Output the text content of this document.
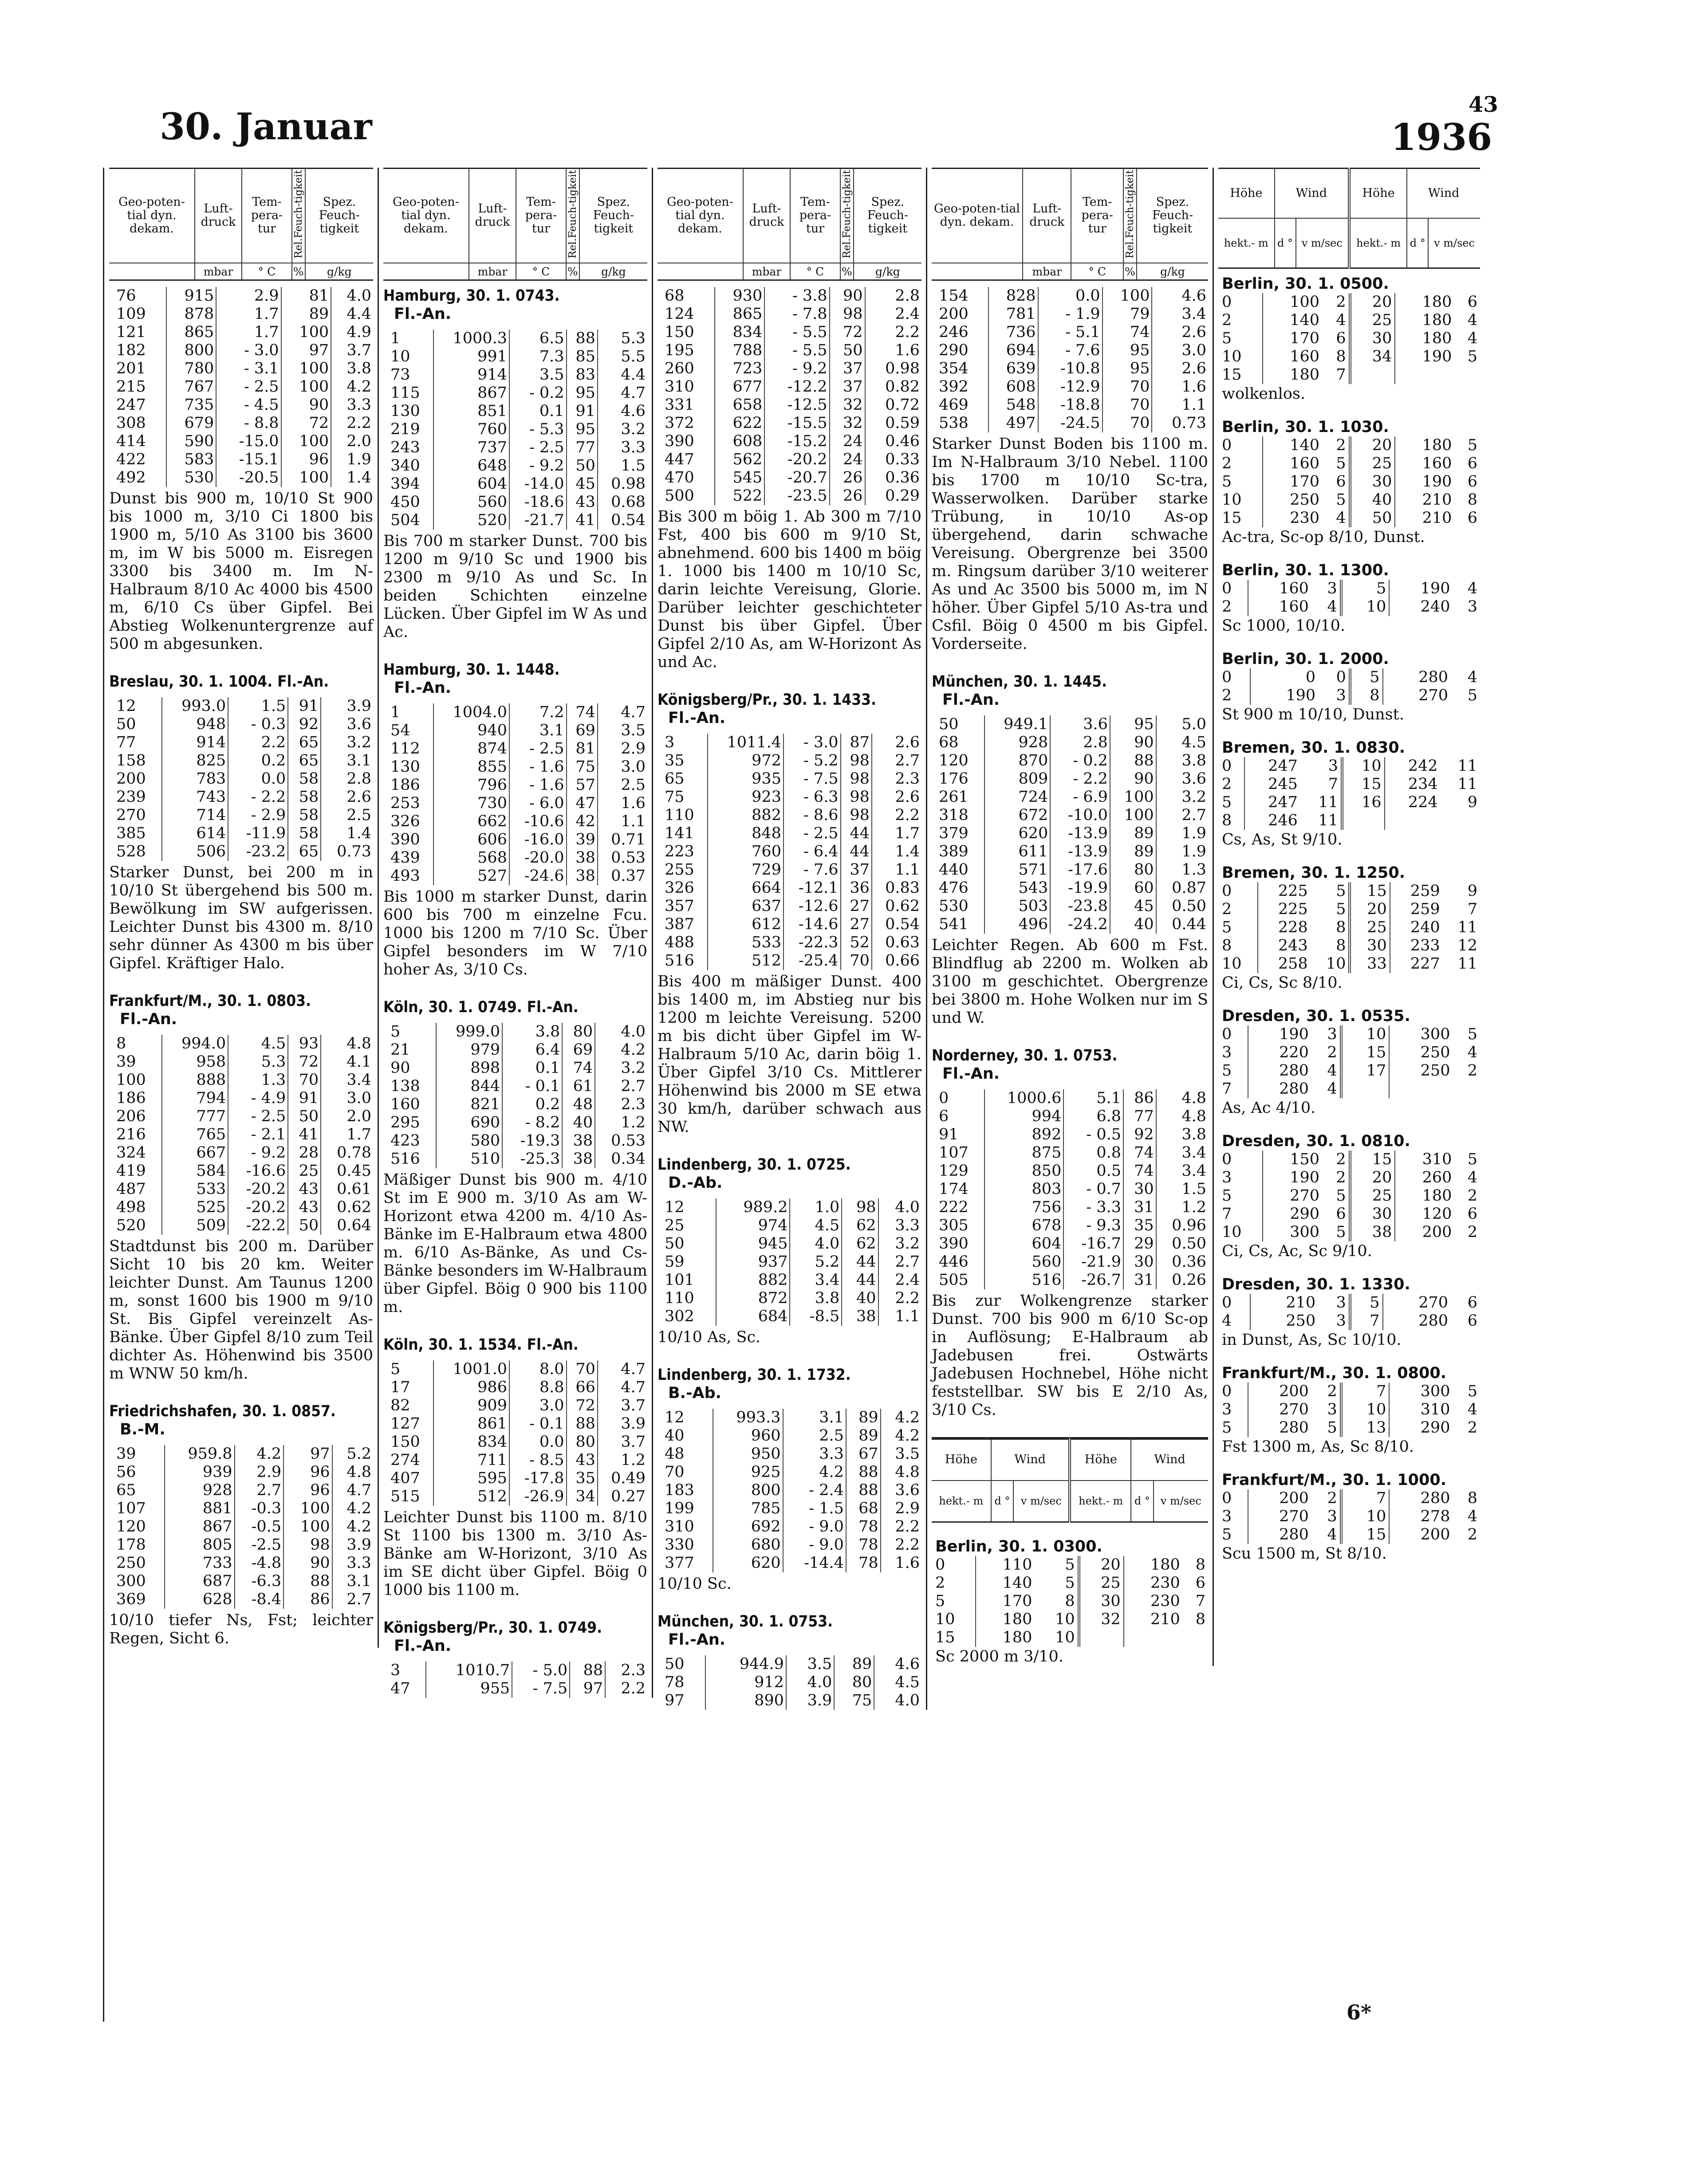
30. Januar
43
1936
Geo-poten-tial dyn. dekam.	Luft-druck	Tem-pera-tur	Rel.Feuch-tigkeit	Spez. Feuch-tigkeit
	mbar	° C	%	g/kg
76	915	2.9	81	4.0
109	878	1.7	89	4.4
121	865	1.7	100	4.9
182	800	- 3.0	97	3.7
201	780	- 3.1	100	3.8
215	767	- 2.5	100	4.2
247	735	- 4.5	90	3.3
308	679	- 8.8	72	2.2
414	590	-15.0	100	2.0
422	583	-15.1	96	1.9
492	530	-20.5	100	1.4
Dunst bis 900 m, 10/10 St 900 bis 1000 m, 3/10 Ci 1800 bis 1900 m, 5/10 As 3100 bis 3600 m, im W bis 5000 m. Eisregen 3300 bis 3400 m. Im N-Halbraum 8/10 Ac 4000 bis 4500 m, 6/10 Cs über Gipfel. Bei Abstieg Wolkenuntergrenze auf 500 m abgesunken.
Breslau, 30. 1. 1004. Fl.-An.
12	993.0	1.5	91	3.9
50	948	- 0.3	92	3.6
77	914	2.2	65	3.2
158	825	0.2	65	3.1
200	783	0.0	58	2.8
239	743	- 2.2	58	2.6
270	714	- 2.9	58	2.5
385	614	-11.9	58	1.4
528	506	-23.2	65	0.73
Starker Dunst, bei 200 m in 10/10 St übergehend bis 500 m. Bewölkung im SW aufgerissen. Leichter Dunst bis 4300 m. 8/10 sehr dünner As 4300 m bis über Gipfel. Kräftiger Halo.
Frankfurt/M., 30. 1. 0803.
Fl.-An.
8	994.0	4.5	93	4.8
39	958	5.3	72	4.1
100	888	1.3	70	3.4
186	794	- 4.9	91	3.0
206	777	- 2.5	50	2.0
216	765	- 2.1	41	1.7
324	667	- 9.2	28	0.78
419	584	-16.6	25	0.45
487	533	-20.2	43	0.61
498	525	-20.2	43	0.62
520	509	-22.2	50	0.64
Stadtdunst bis 200 m. Darüber Sicht 10 bis 20 km. Weiter leichter Dunst. Am Taunus 1200 m, sonst 1600 bis 1900 m 9/10 St. Bis Gipfel vereinzelt As-Bänke. Über Gipfel 8/10 zum Teil dichter As. Höhenwind bis 3500 m WNW 50 km/h.
Friedrichshafen, 30. 1. 0857.
B.-M.
39	959.8	4.2	97	5.2
56	939	2.9	96	4.8
65	928	2.7	96	4.7
107	881	-0.3	100	4.2
120	867	-0.5	100	4.2
178	805	-2.5	98	3.9
250	733	-4.8	90	3.3
300	687	-6.3	88	3.1
369	628	-8.4	86	2.7
10/10 tiefer Ns, Fst; leichter Regen, Sicht 6.
Geo-poten-tial dyn. dekam.	Luft-druck	Tem-pera-tur	Rel.Feuch-tigkeit	Spez. Feuch-tigkeit
	mbar	° C	%	g/kg
Hamburg, 30. 1. 0743.
Fl.-An.
1	1000.3	6.5	88	5.3
10	991	7.3	85	5.5
73	914	3.5	83	4.4
115	867	- 0.2	95	4.7
130	851	0.1	91	4.6
219	760	- 5.3	95	3.2
243	737	- 2.5	77	3.3
340	648	- 9.2	50	1.5
394	604	-14.0	45	0.98
450	560	-18.6	43	0.68
504	520	-21.7	41	0.54
Bis 700 m starker Dunst. 700 bis 1200 m 9/10 Sc und 1900 bis 2300 m 9/10 As und Sc. In beiden Schichten einzelne Lücken. Über Gipfel im W As und Ac.
Hamburg, 30. 1. 1448.
Fl.-An.
1	1004.0	7.2	74	4.7
54	940	3.1	69	3.5
112	874	- 2.5	81	2.9
130	855	- 1.6	75	3.0
186	796	- 1.6	57	2.5
253	730	- 6.0	47	1.6
326	662	-10.6	42	1.1
390	606	-16.0	39	0.71
439	568	-20.0	38	0.53
493	527	-24.6	38	0.37
Bis 1000 m starker Dunst, darin 600 bis 700 m einzelne Fcu. 1000 bis 1200 m 7/10 Sc. Über Gipfel besonders im W 7/10 hoher As, 3/10 Cs.
Köln, 30. 1. 0749. Fl.-An.
5	999.0	3.8	80	4.0
21	979	6.4	69	4.2
90	898	0.1	74	3.2
138	844	- 0.1	61	2.7
160	821	0.2	48	2.3
295	690	- 8.2	40	1.2
423	580	-19.3	38	0.53
516	510	-25.3	38	0.34
Mäßiger Dunst bis 900 m. 4/10 St im E 900 m. 3/10 As am W-Horizont etwa 4200 m. 4/10 As-Bänke im E-Halbraum etwa 4800 m. 6/10 As-Bänke, As und Cs-Bänke besonders im W-Halbraum über Gipfel. Böig 0 900 bis 1100 m.
Köln, 30. 1. 1534. Fl.-An.
5	1001.0	8.0	70	4.7
17	986	8.8	66	4.7
82	909	3.0	72	3.7
127	861	- 0.1	88	3.9
150	834	0.0	80	3.7
274	711	- 8.5	43	1.2
407	595	-17.8	35	0.49
515	512	-26.9	34	0.27
Leichter Dunst bis 1100 m. 8/10 St 1100 bis 1300 m. 3/10 As-Bänke am W-Horizont, 3/10 As im SE dicht über Gipfel. Böig 0 1000 bis 1100 m.
Königsberg/Pr., 30. 1. 0749.
Fl.-An.
3	1010.7	- 5.0	88	2.3
47	955	- 7.5	97	2.2
Geo-poten-tial dyn. dekam.	Luft-druck	Tem-pera-tur	Rel.Feuch-tigkeit	Spez. Feuch-tigkeit
	mbar	° C	%	g/kg
68	930	- 3.8	90	2.8
124	865	- 7.8	98	2.4
150	834	- 5.5	72	2.2
195	788	- 5.5	50	1.6
260	723	- 9.2	37	0.98
310	677	-12.2	37	0.82
331	658	-12.5	32	0.72
372	622	-15.5	32	0.59
390	608	-15.2	24	0.46
447	562	-20.2	24	0.33
470	545	-20.7	26	0.36
500	522	-23.5	26	0.29
Bis 300 m böig 1. Ab 300 m 7/10 Fst, 400 bis 600 m 9/10 St, abnehmend. 600 bis 1400 m böig 1. 1000 bis 1400 m 10/10 Sc, darin leichte Vereisung, Glorie. Darüber leichter geschichteter Dunst bis über Gipfel. Über Gipfel 2/10 As, am W-Horizont As und Ac.
Königsberg/Pr., 30. 1. 1433.
Fl.-An.
3	1011.4	- 3.0	87	2.6
35	972	- 5.2	98	2.7
65	935	- 7.5	98	2.3
75	923	- 6.3	98	2.6
110	882	- 8.6	98	2.2
141	848	- 2.5	44	1.7
223	760	- 6.4	44	1.4
255	729	- 7.6	37	1.1
326	664	-12.1	36	0.83
357	637	-12.6	27	0.62
387	612	-14.6	27	0.54
488	533	-22.3	52	0.63
516	512	-25.4	70	0.66
Bis 400 m mäßiger Dunst. 400 bis 1400 m, im Abstieg nur bis 1200 m leichte Vereisung. 5200 m bis dicht über Gipfel im W-Halbraum 5/10 Ac, darin böig 1. Über Gipfel 3/10 Cs. Mittlerer Höhenwind bis 2000 m SE etwa 30 km/h, darüber schwach aus NW.
Lindenberg, 30. 1. 0725.
D.-Ab.
12	989.2	1.0	98	4.0
25	974	4.5	62	3.3
50	945	4.0	62	3.2
59	937	5.2	44	2.7
101	882	3.4	44	2.4
110	872	3.8	40	2.2
302	684	-8.5	38	1.1
10/10 As, Sc.
Lindenberg, 30. 1. 1732.
B.-Ab.
12	993.3	3.1	89	4.2
40	960	2.5	89	4.2
48	950	3.3	67	3.5
70	925	4.2	88	4.8
183	800	- 2.4	88	3.6
199	785	- 1.5	68	2.9
310	692	- 9.0	78	2.2
330	680	- 9.0	78	2.2
377	620	-14.4	78	1.6
10/10 Sc.
München, 30. 1. 0753.
Fl.-An.
50	944.9	3.5	89	4.6
78	912	4.0	80	4.5
97	890	3.9	75	4.0
Geo-poten-tial dyn. dekam.	Luft-druck	Tem-pera-tur	Rel.Feuch-tigkeit	Spez. Feuch-tigkeit
	mbar	° C	%	g/kg
154	828	0.0	100	4.6
200	781	- 1.9	79	3.4
246	736	- 5.1	74	2.6
290	694	- 7.6	95	3.0
354	639	-10.8	95	2.6
392	608	-12.9	70	1.6
469	548	-18.8	70	1.1
538	497	-24.5	70	0.73
Starker Dunst Boden bis 1100 m. Im N-Halbraum 3/10 Nebel. 1100 bis 1700 m 10/10 Sc-tra, Wasserwolken. Darüber starke Trübung, in 10/10 As-op übergehend, darin schwache Vereisung. Obergrenze bei 3500 m. Ringsum darüber 3/10 weiterer As und Ac 3500 bis 5000 m, im N höher. Über Gipfel 5/10 As-tra und Csfil. Böig 0 4500 m bis Gipfel. Vorderseite.
München, 30. 1. 1445.
Fl.-An.
50	949.1	3.6	95	5.0
68	928	2.8	90	4.5
120	870	- 0.2	88	3.8
176	809	- 2.2	90	3.6
261	724	- 6.9	100	3.2
318	672	-10.0	100	2.7
379	620	-13.9	89	1.9
389	611	-13.9	89	1.9
440	571	-17.6	80	1.3
476	543	-19.9	60	0.87
530	503	-23.8	45	0.50
541	496	-24.2	40	0.44
Leichter Regen. Ab 600 m Fst. Blindflug ab 2200 m. Wolken ab 3100 m geschichtet. Obergrenze bei 3800 m. Hohe Wolken nur im S und W.
Norderney, 30. 1. 0753.
Fl.-An.
0	1000.6	5.1	86	4.8
6	994	6.8	77	4.8
91	892	- 0.5	92	3.8
107	875	0.8	74	3.4
129	850	0.5	74	3.4
174	803	- 0.7	30	1.5
222	756	- 3.3	31	1.2
305	678	- 9.3	35	0.96
390	604	-16.7	29	0.50
446	560	-21.9	30	0.36
505	516	-26.7	31	0.26
Bis zur Wolkengrenze starker Dunst. 700 bis 900 m 6/10 Sc-op in Auflösung; E-Halbraum ab Jadebusen frei. Ostwärts Jadebusen Hochnebel, Höhe nicht feststellbar. SW bis E 2/10 As, 3/10 Cs.
Höhe	Wind		Höhe	Wind	
hekt.- m	d °	v m/sec	hekt.- m	d °	v m/sec
Berlin, 30. 1. 0300.
0	110	5	20	180	8
2	140	5	25	230	6
5	170	8	30	230	7
10	180	10	32	210	8
15	180	10			
Sc 2000 m 3/10.
Höhe	Wind		Höhe	Wind	
hekt.- m	d °	v m/sec	hekt.- m	d °	v m/sec
Berlin, 30. 1. 0500.
0	100	2	20	180	6
2	140	4	25	180	4
5	170	6	30	180	4
10	160	8	34	190	5
15	180	7			
wolkenlos.
Berlin, 30. 1. 1030.
0	140	2	20	180	5
2	160	5	25	160	6
5	170	6	30	190	6
10	250	5	40	210	8
15	230	4	50	210	6
Ac-tra, Sc-op 8/10, Dunst.
Berlin, 30. 1. 1300.
0	160	3	5	190	4
2	160	4	10	240	3
Sc 1000, 10/10.
Berlin, 30. 1. 2000.
0	0	0	5	280	4
2	190	3	8	270	5
St 900 m 10/10, Dunst.
Bremen, 30. 1. 0830.
0	247	3	10	242	11
2	245	7	15	234	11
5	247	11	16	224	9
8	246	11			
Cs, As, St 9/10.
Bremen, 30. 1. 1250.
0	225	5	15	259	9
2	225	5	20	259	7
5	228	8	25	240	11
8	243	8	30	233	12
10	258	10	33	227	11
Ci, Cs, Sc 8/10.
Dresden, 30. 1. 0535.
0	190	3	10	300	5
3	220	2	15	250	4
5	280	4	17	250	2
7	280	4			
As, Ac 4/10.
Dresden, 30. 1. 0810.
0	150	2	15	310	5
3	190	2	20	260	4
5	270	5	25	180	2
7	290	6	30	120	6
10	300	5	38	200	2
Ci, Cs, Ac, Sc 9/10.
Dresden, 30. 1. 1330.
0	210	3	5	270	6
4	250	3	7	280	6
in Dunst, As, Sc 10/10.
Frankfurt/M., 30. 1. 0800.
0	200	2	7	300	5
3	270	3	10	310	4
5	280	5	13	290	2
Fst 1300 m, As, Sc 8/10.
Frankfurt/M., 30. 1. 1000.
0	200	2	7	280	8
3	270	3	10	278	4
5	280	4	15	200	2
Scu 1500 m, St 8/10.
6*
